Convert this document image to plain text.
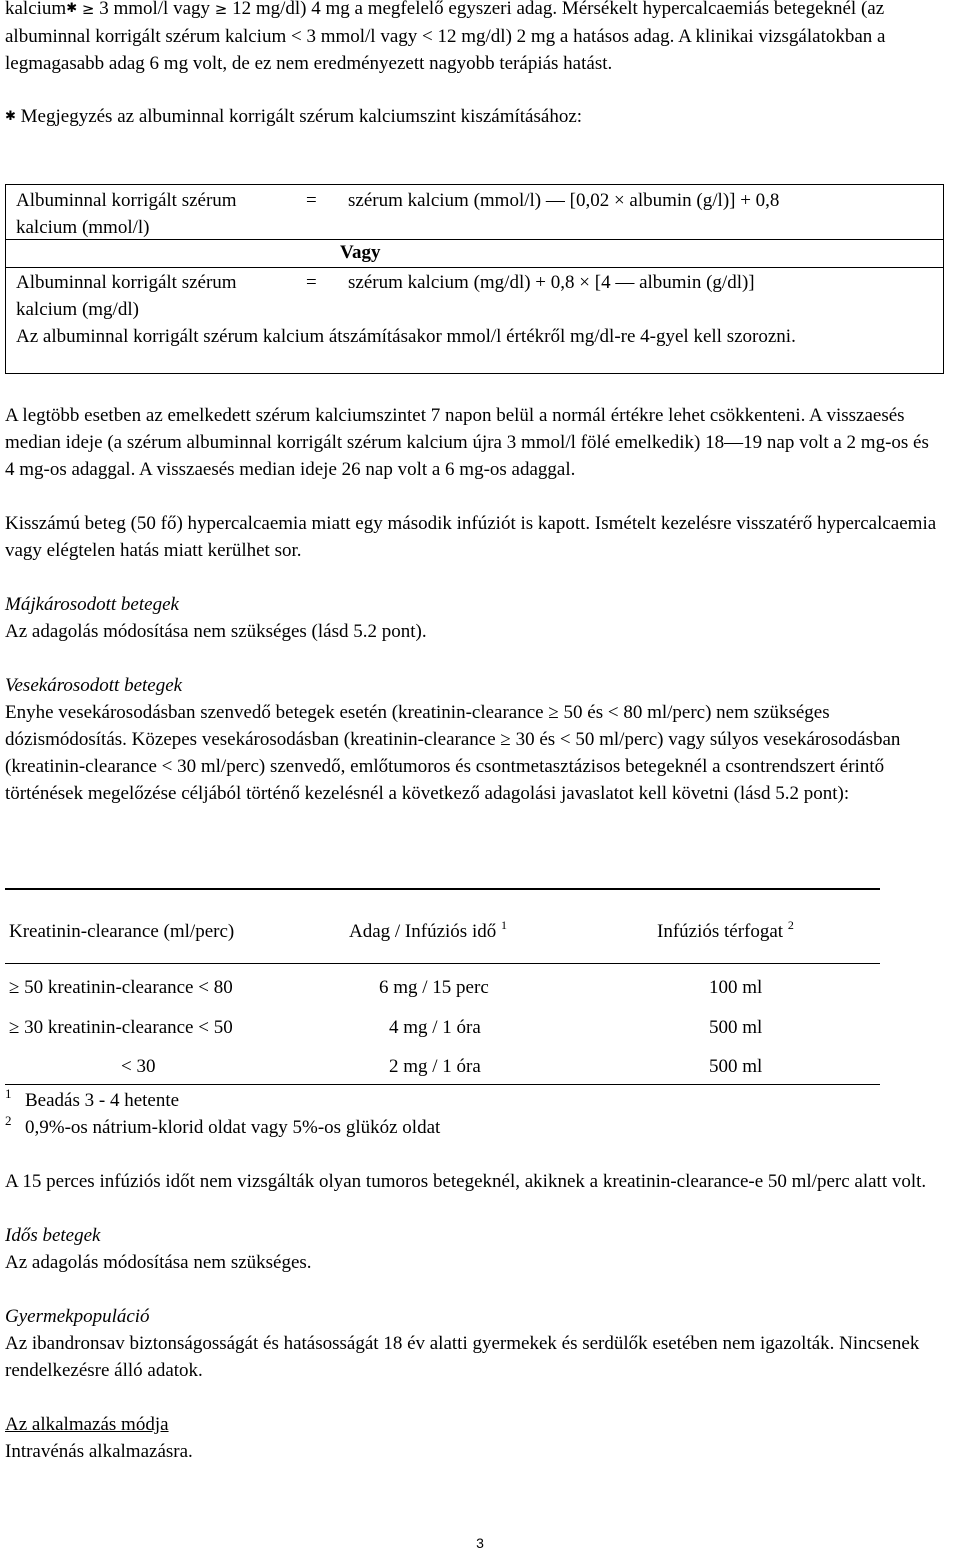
kalcium✱ ≥ 3 mmol/l vagy ≥ 12 mg/dl) 4 mg a megfelelő egyszeri adag. Mérsékelt hypercalcaemiás betegeknél (az albuminnal korrigált szérum kalcium < 3 mmol/l vagy < 12 mg/dl) 2 mg a hatásos adag. A klinikai vizsgálatokban a legmagasabb adag 6 mg volt, de ez nem eredményezett nagyobb terápiás hatást.

✱ Megjegyzés az albuminnal korrigált szérum kalciumszint kiszámításához:

Albuminnal korrigált szérum kalcium (mmol/l)
= szérum kalcium (mmol/l) ― [0,02 × albumin (g/l)] + 0,8
Vagy
Albuminnal korrigált szérum kalcium (mg/dl)
= szérum kalcium (mg/dl) + 0,8 × [4 ― albumin (g/dl)]
Az albuminnal korrigált szérum kalcium átszámításakor mmol/l értékről mg/dl-re 4-gyel kell szorozni.

A legtöbb esetben az emelkedett szérum kalciumszintet 7 napon belül a normál értékre lehet csökkenteni. A visszaesés median ideje (a szérum albuminnal korrigált szérum kalcium újra 3 mmol/l fölé emelkedik) 18―19 nap volt a 2 mg-os és 4 mg-os adaggal. A visszaesés median ideje 26 nap volt a 6 mg-os adaggal.

Kisszámú beteg (50 fő) hypercalcaemia miatt egy második infúziót is kapott. Ismételt kezelésre visszatérő hypercalcaemia vagy elégtelen hatás miatt kerülhet sor.

Májkárosodott betegek

Az adagolás módosítása nem szükséges (lásd 5.2 pont).

Vesekárosodott betegek

Enyhe vesekárosodásban szenvedő betegek esetén (kreatinin-clearance ≥ 50 és < 80 ml/perc) nem szükséges dózismódosítás. Közepes vesekárosodásban (kreatinin-clearance ≥ 30 és < 50 ml/perc) vagy súlyos vesekárosodásban (kreatinin-clearance < 30 ml/perc) szenvedő, emlőtumoros és csontmetasztázisos betegeknél a csontrendszert érintő történések megelőzése céljából történő kezelésnél a következő adagolási javaslatot kell követni (lásd 5.2 pont):

Kreatinin-clearance (ml/perc)	Adag / Infúziós idő $^1$	Infúziós térfogat $^2$
≥ 50 kreatinin-clearance < 80	6 mg / 15 perc	100 ml
≥ 30 kreatinin-clearance < 50	4 mg / 1 óra	500 ml
< 30	2 mg / 1 óra	500 ml
1 Beadás 3 - 4 hetente
2 0,9%-os nátrium-klorid oldat vagy 5%-os glükóz oldat

A 15 perces infúziós időt nem vizsgálták olyan tumoros betegeknél, akiknek a kreatinin-clearance-e 50 ml/perc alatt volt.

Idős betegek

Az adagolás módosítása nem szükséges.

Gyermekpopuláció

Az ibandronsav biztonságosságát és hatásosságát 18 év alatti gyermekek és serdülők esetében nem igazolták. Nincsenek rendelkezésre álló adatok.

Az alkalmazás módja

Intravénás alkalmazásra.

3
